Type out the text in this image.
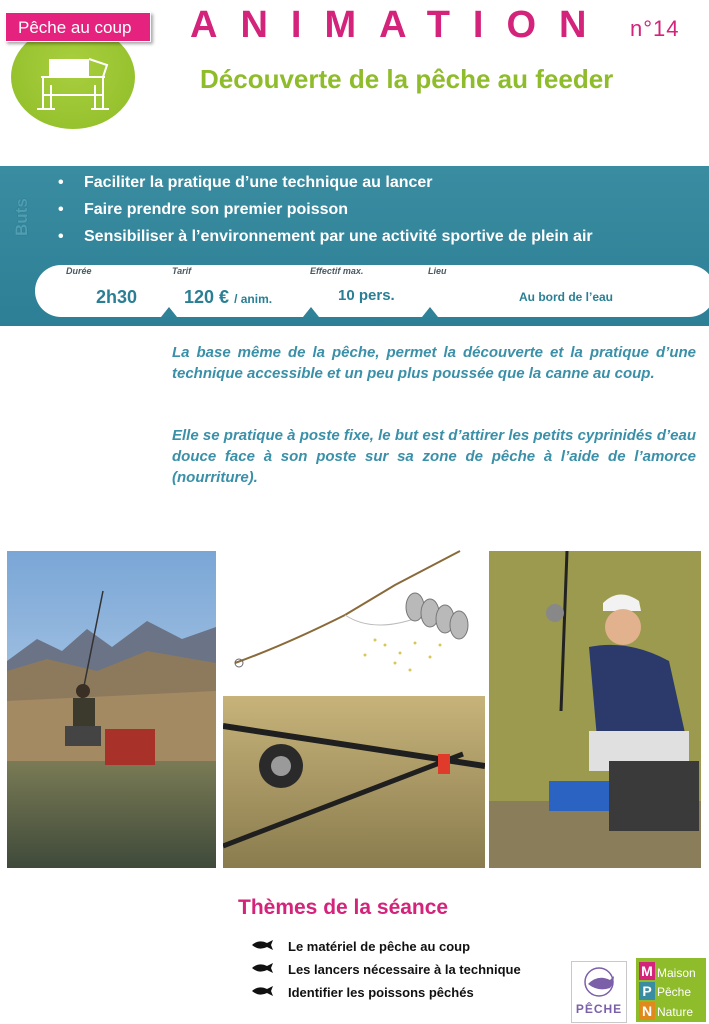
Pêche au coup	ANIMATION n°14
Découverte de la pêche au feeder
Buts
• Faciliter la pratique d’une technique au lancer
• Faire prendre son premier poisson
• Sensibiliser à l’environnement par une activité sportive de plein air
Durée
2h30
Tarif
120 € / anim.
Effectif max.
10 pers.
Lieu
Au bord de l’eau

La base même de la pêche, permet la découverte et la pratique d’une technique accessible et un peu plus poussée que la canne au coup.

Elle se pratique à poste fixe, le but est d’attirer les petits cyprinidés d’eau douce face à son poste sur sa zone de pêche à l’aide de l’amorce (nourriture).

Thèmes de la séance
Le matériel de pêche au coup
Les lancers nécessaire à la technique
Identifier les poissons pêchés
PÊCHE
M Maison
P Pêche
N Nature
